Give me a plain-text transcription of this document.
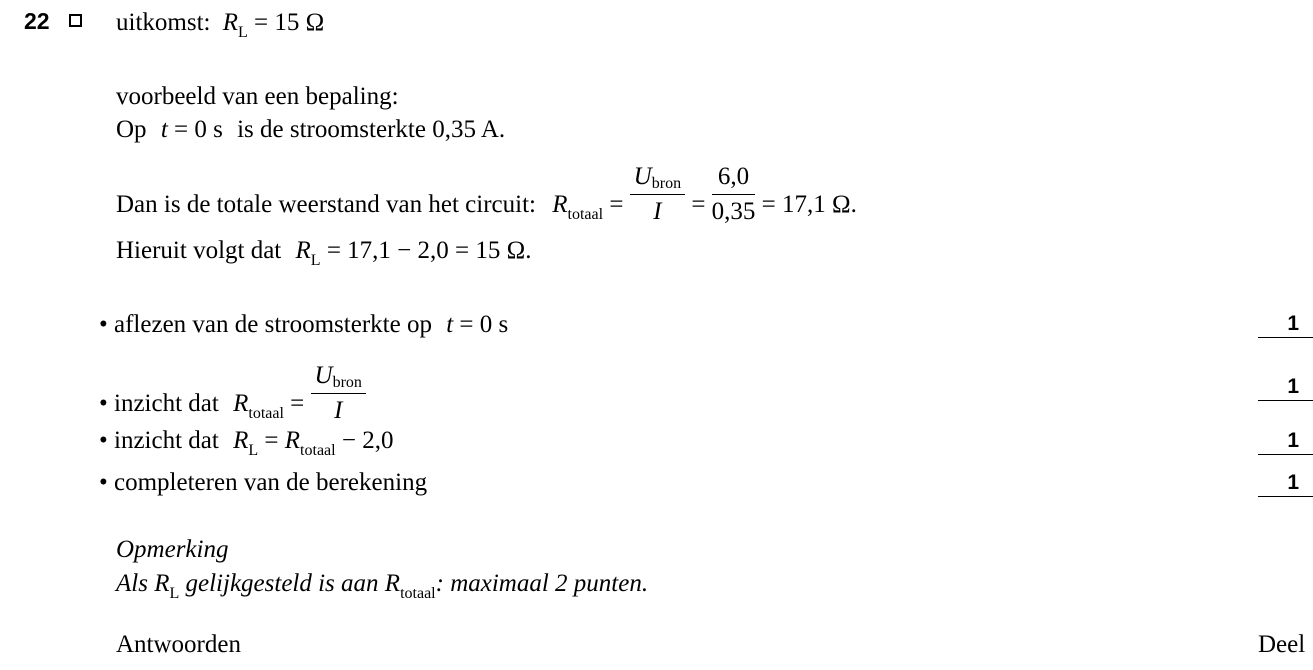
22	uitkomst: $R_L = 15$ Ω
voorbeeld van een bepaling:
Op t = 0 s is de stroomsterkte 0,35 A.
Dan is de totale weerstand van het circuit: $R_{totaal} = \frac{\text{Ubron}}{I} = \frac{6,0}{0,35} = 17,1$ Ω.
Hieruit volgt dat $R_L = 17,1 - 2,0 = 15$ Ω.
• aflezen van de stroomsterkte op t = 0 s	1
• inzicht dat $R_{totaal} = \frac{\text{Ubron}}{I}$	1
• inzicht dat $R_L = R_{totaal} - 2,0$	1
• completeren van de berekening	1
Opmerking
Als $R_L$ gelijkgesteld is aan $R_{totaal}$: maximaal 2 punten.
Antwoorden	Deel
